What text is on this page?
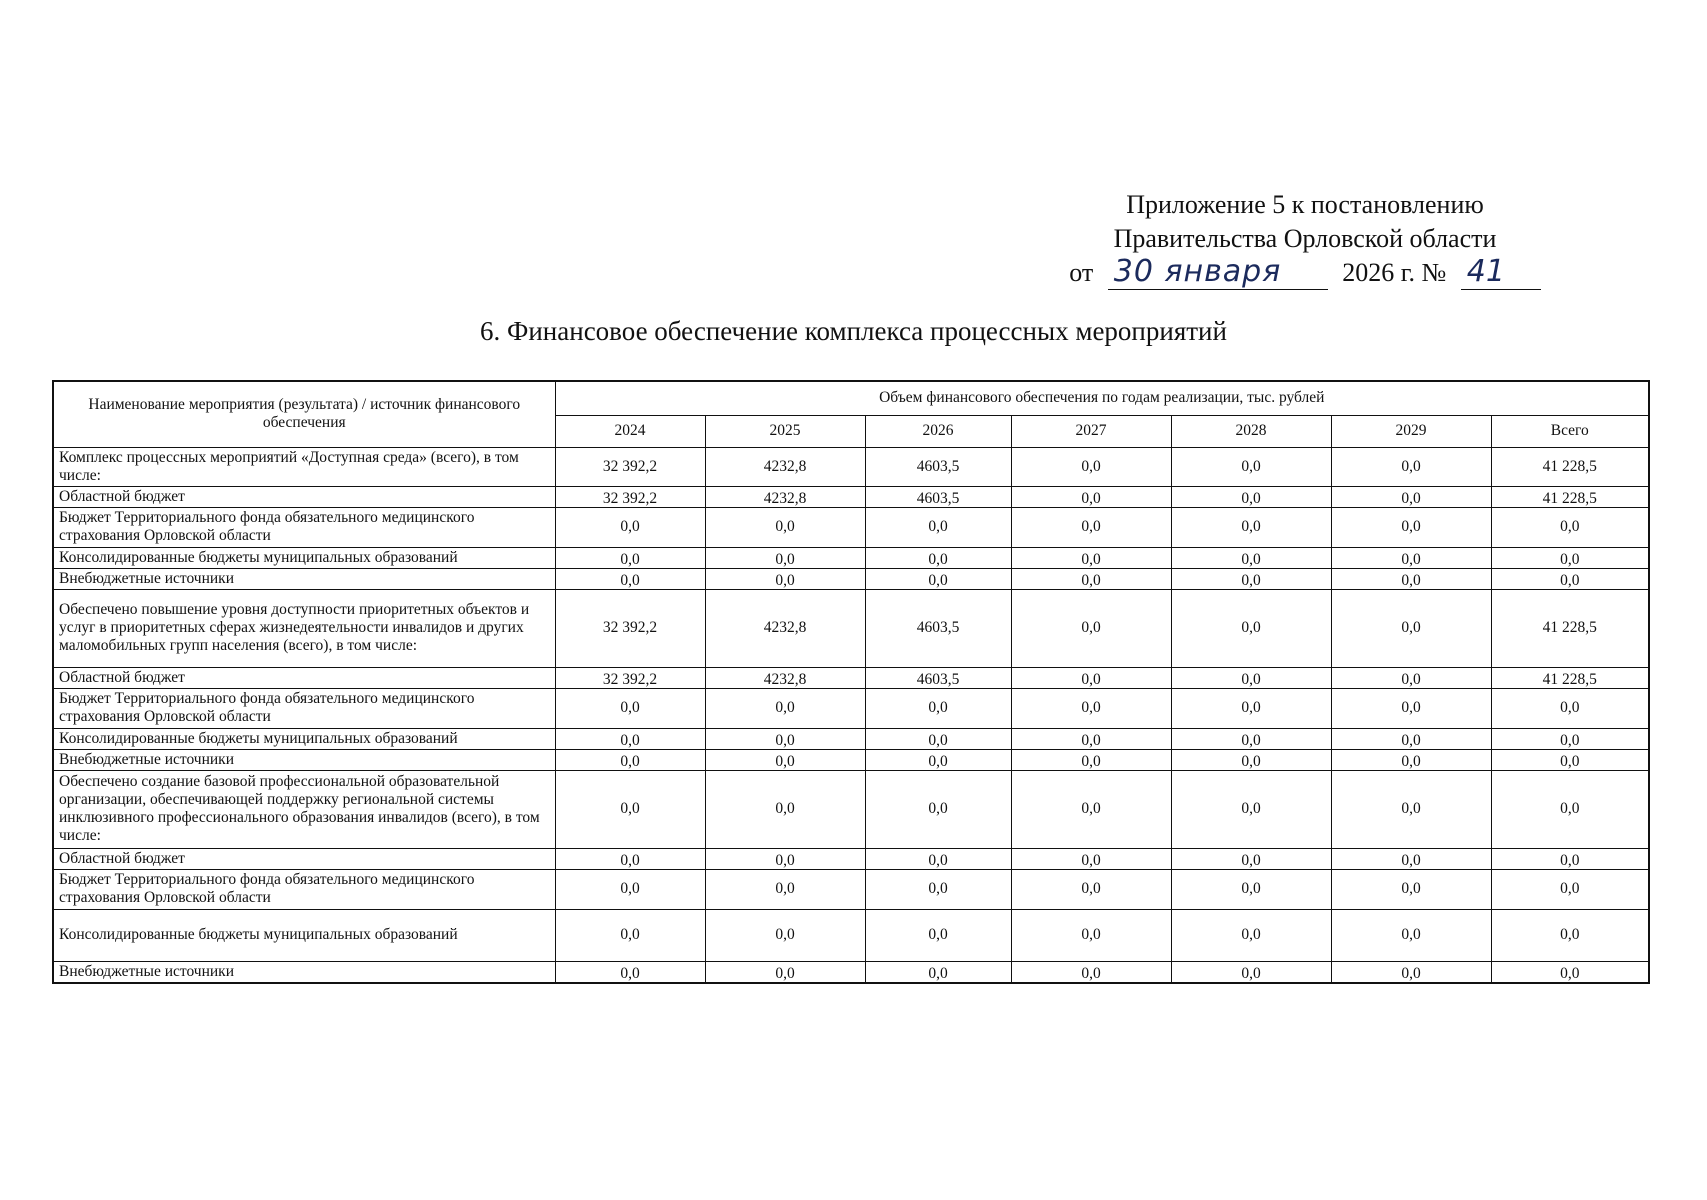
Приложение 5 к постановлению
Правительства Орловской области
от 30 января 2026 г. № 41
6. Финансовое обеспечение комплекса процессных мероприятий
Наименование мероприятия (результата) / источник финансового обеспечения	Объем финансового обеспечения по годам реализации, тыс. рублей						
	2024	2025	2026	2027	2028	2029	Всего
Комплекс процессных мероприятий «Доступная среда» (всего), в том числе:	32 392,2	4232,8	4603,5	0,0	0,0	0,0	41 228,5
Областной бюджет	32 392,2	4232,8	4603,5	0,0	0,0	0,0	41 228,5
Бюджет Территориального фонда обязательного медицинского страхования Орловской области	0,0	0,0	0,0	0,0	0,0	0,0	0,0
Консолидированные бюджеты муниципальных образований	0,0	0,0	0,0	0,0	0,0	0,0	0,0
Внебюджетные источники	0,0	0,0	0,0	0,0	0,0	0,0	0,0
Обеспечено повышение уровня доступности приоритетных объектов и услуг в приоритетных сферах жизнедеятельности инвалидов и других маломобильных групп населения (всего), в том числе:	32 392,2	4232,8	4603,5	0,0	0,0	0,0	41 228,5
Областной бюджет	32 392,2	4232,8	4603,5	0,0	0,0	0,0	41 228,5
Бюджет Территориального фонда обязательного медицинского страхования Орловской области	0,0	0,0	0,0	0,0	0,0	0,0	0,0
Консолидированные бюджеты муниципальных образований	0,0	0,0	0,0	0,0	0,0	0,0	0,0
Внебюджетные источники	0,0	0,0	0,0	0,0	0,0	0,0	0,0
Обеспечено создание базовой профессиональной образовательной организации, обеспечивающей поддержку региональной системы инклюзивного профессионального образования инвалидов (всего), в том числе:	0,0	0,0	0,0	0,0	0,0	0,0	0,0
Областной бюджет	0,0	0,0	0,0	0,0	0,0	0,0	0,0
Бюджет Территориального фонда обязательного медицинского страхования Орловской области	0,0	0,0	0,0	0,0	0,0	0,0	0,0
Консолидированные бюджеты муниципальных образований	0,0	0,0	0,0	0,0	0,0	0,0	0,0
Внебюджетные источники	0,0	0,0	0,0	0,0	0,0	0,0	0,0
